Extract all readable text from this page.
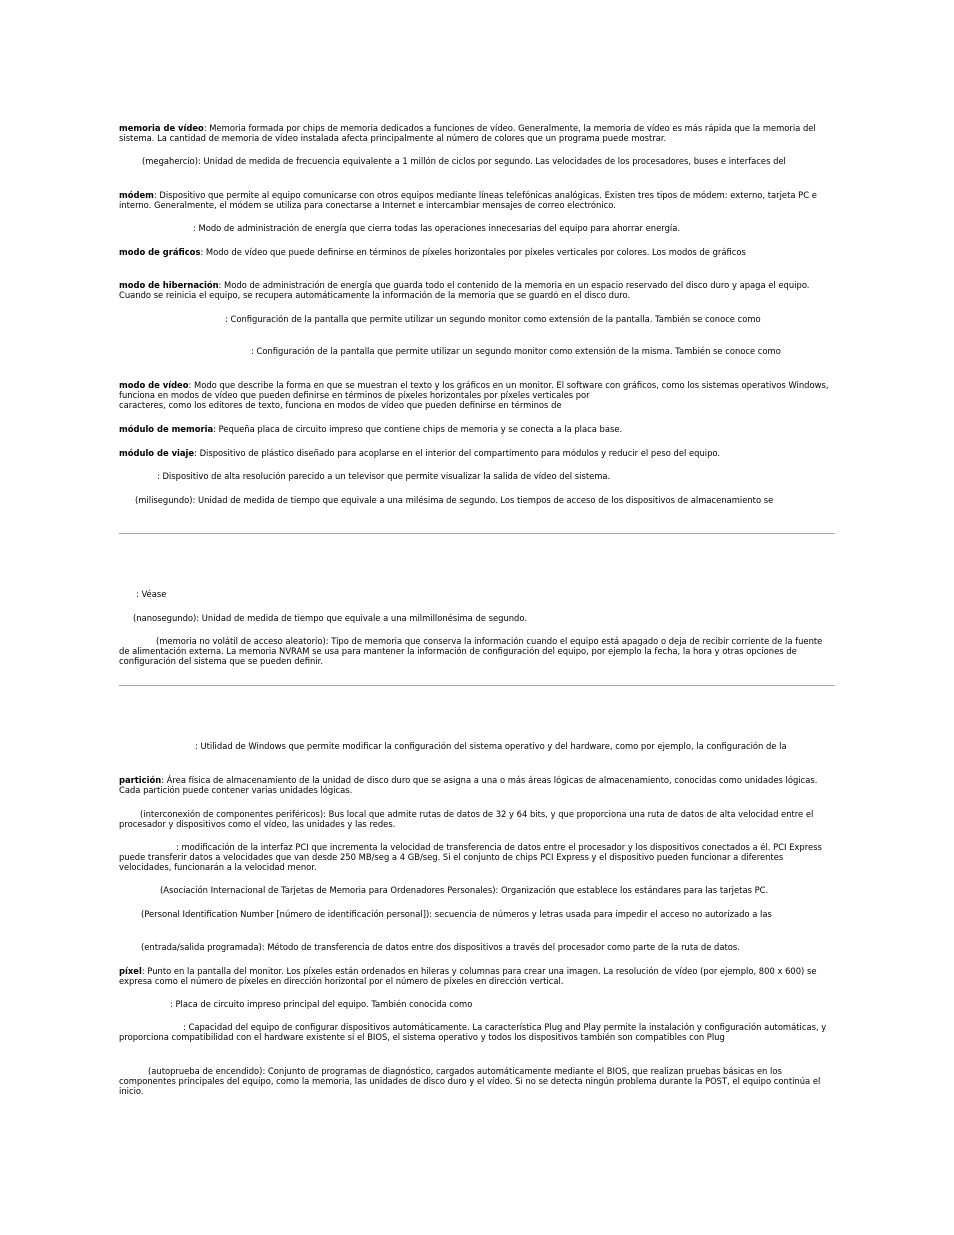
memoria de vídeo: Memoria formada por chips de memoria dedicados a funciones de vídeo. Generalmente, la memoria de vídeo es más rápida que la memoria del sistema. La cantidad de memoria de vídeo instalada afecta principalmente al número de colores que un programa puede mostrar.

(megahercio): Unidad de medida de frecuencia equivalente a 1 millón de ciclos por segundo. Las velocidades de los procesadores, buses e interfaces del

módem: Dispositivo que permite al equipo comunicarse con otros equipos mediante líneas telefónicas analógicas. Existen tres tipos de módem: externo, tarjeta PC e interno. Generalmente, el módem se utiliza para conectarse a Internet e intercambiar mensajes de correo electrónico.

: Modo de administración de energía que cierra todas las operaciones innecesarias del equipo para ahorrar energía.

modo de gráficos: Modo de vídeo que puede definirse en términos de píxeles horizontales por píxeles verticales por colores. Los modos de gráficos

modo de hibernación: Modo de administración de energía que guarda todo el contenido de la memoria en un espacio reservado del disco duro y apaga el equipo. Cuando se reinicia el equipo, se recupera automáticamente la información de la memoria que se guardó en el disco duro.

: Configuración de la pantalla que permite utilizar un segundo monitor como extensión de la pantalla. También se conoce como

: Configuración de la pantalla que permite utilizar un segundo monitor como extensión de la misma. También se conoce como

modo de vídeo: Modo que describe la forma en que se muestran el texto y los gráficos en un monitor. El software con gráficos, como los sistemas operativos Windows, funciona en modos de vídeo que pueden definirse en términos de píxeles horizontales por píxeles verticales por
caracteres, como los editores de texto, funciona en modos de vídeo que pueden definirse en términos de

módulo de memoria: Pequeña placa de circuito impreso que contiene chips de memoria y se conecta a la placa base.

módulo de viaje: Dispositivo de plástico diseñado para acoplarse en el interior del compartimento para módulos y reducir el peso del equipo.

: Dispositivo de alta resolución parecido a un televisor que permite visualizar la salida de vídeo del sistema.

(milisegundo): Unidad de medida de tiempo que equivale a una milésima de segundo. Los tiempos de acceso de los dispositivos de almacenamiento se

: Véase

(nanosegundo): Unidad de medida de tiempo que equivale a una milmillonésima de segundo.

(memoria no volátil de acceso aleatorio): Tipo de memoria que conserva la información cuando el equipo está apagado o deja de recibir corriente de la fuente de alimentación externa. La memoria NVRAM se usa para mantener la información de configuración del equipo, por ejemplo la fecha, la hora y otras opciones de configuración del sistema que se pueden definir.

: Utilidad de Windows que permite modificar la configuración del sistema operativo y del hardware, como por ejemplo, la configuración de la

partición: Área física de almacenamiento de la unidad de disco duro que se asigna a una o más áreas lógicas de almacenamiento, conocidas como unidades lógicas. Cada partición puede contener varias unidades lógicas.

(interconexión de componentes periféricos): Bus local que admite rutas de datos de 32 y 64 bits, y que proporciona una ruta de datos de alta velocidad entre el procesador y dispositivos como el vídeo, las unidades y las redes.

: modificación de la interfaz PCI que incrementa la velocidad de transferencia de datos entre el procesador y los dispositivos conectados a él. PCI Express puede transferir datos a velocidades que van desde 250 MB/seg a 4 GB/seg. Si el conjunto de chips PCI Express y el dispositivo pueden funcionar a diferentes velocidades, funcionarán a la velocidad menor.

(Asociación Internacional de Tarjetas de Memoria para Ordenadores Personales): Organización que establece los estándares para las tarjetas PC.

(Personal Identification Number [número de identificación personal]): secuencia de números y letras usada para impedir el acceso no autorizado a las

(entrada/salida programada): Método de transferencia de datos entre dos dispositivos a través del procesador como parte de la ruta de datos.

píxel: Punto en la pantalla del monitor. Los píxeles están ordenados en hileras y columnas para crear una imagen. La resolución de vídeo (por ejemplo, 800 x 600) se expresa como el número de píxeles en dirección horizontal por el número de píxeles en dirección vertical.

: Placa de circuito impreso principal del equipo. También conocida como

: Capacidad del equipo de configurar dispositivos automáticamente. La característica Plug and Play permite la instalación y configuración automáticas, y proporciona compatibilidad con el hardware existente si el BIOS, el sistema operativo y todos los dispositivos también son compatibles con Plug

(autoprueba de encendido): Conjunto de programas de diagnóstico, cargados automáticamente mediante el BIOS, que realizan pruebas básicas en los componentes principales del equipo, como la memoria, las unidades de disco duro y el vídeo. Si no se detecta ningún problema durante la POST, el equipo continúa el inicio.
